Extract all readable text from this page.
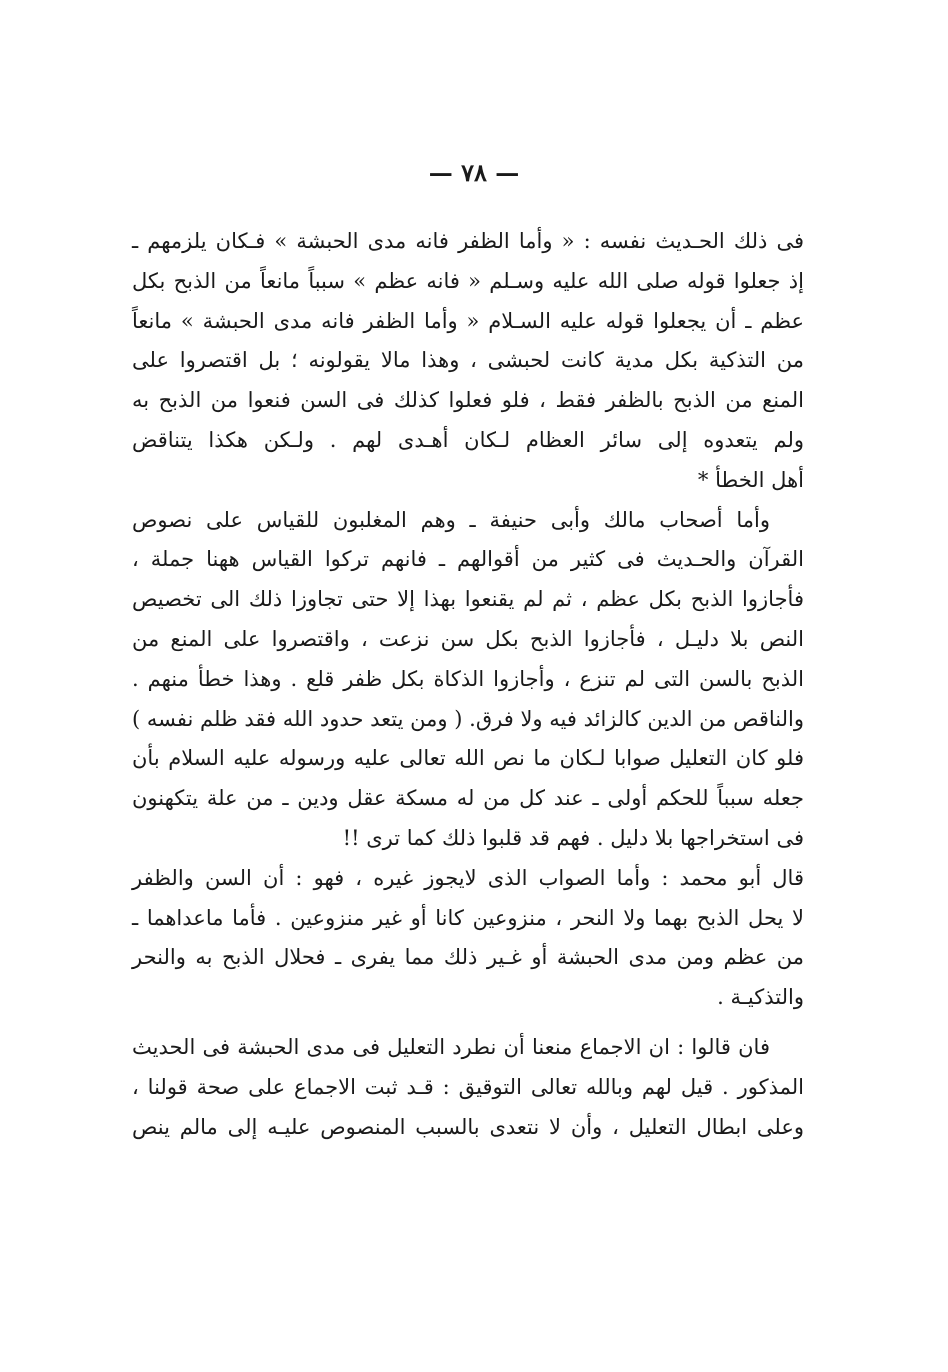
— ٧٨ —
فى ذلك الحـديث نفسه : « وأما الظفر فانه مدى الحبشة » فـكان يلزمهم ـ
إذ جعلوا قوله صلى الله عليه وسـلم « فانه عظم » سبباً مانعاً من الذبح بكل
عظم ـ أن يجعلوا قوله عليه السـلام « وأما الظفر فانه مدى الحبشة » مانعاً
من التذكية بكل مدية كانت لحبشى ، وهذا مالا يقولونه ؛ بل اقتصروا على
المنع من الذبح بالظفر فقط ، فلو فعلوا كذلك فى السن فنعوا من الذبح به
ولم يتعدوه إلى سائر العظام لـكان أهـدى لهم . ولـكن هكذا يتناقض
أهل الخطأ *
وأما أصحاب مالك وأبى حنيفة ـ وهم المغلبون للقياس على نصوص
القرآن والحـديث فى كثير من أقوالهم ـ فانهم تركوا القياس ههنا جملة ،
فأجازوا الذبح بكل عظم ، ثم لم يقنعوا بهذا إلا حتى تجاوزا ذلك الى تخصيص
النص بلا دليـل ، فأجازوا الذبح بكل سن نزعت ، واقتصروا على المنع من
الذبح بالسن التى لم تنزع ، وأجازوا الذكاة بكل ظفر قلع . وهذا خطأ منهم .
والناقص من الدين كالزائد فيه ولا فرق. ( ومن يتعد حدود الله فقد ظلم نفسه )
فلو كان التعليل صوابا لـكان ما نص الله تعالى عليه ورسوله عليه السلام بأن
جعله سبباً للحكم أولى ـ عند كل من له مسكة عقل ودين ـ من علة يتكهنون
فى استخراجها بلا دليل . فهم قد قلبوا ذلك كما ترى !!
قال أبو محمد : وأما الصواب الذى لايجوز غيره ، فهو : أن السن والظفر
لا يحل الذبح بهما ولا النحر ، منزوعين كانا أو غير منزوعين . فأما ماعداهما ـ
من عظم ومن مدى الحبشة أو غـير ذلك مما يفرى ـ فحلال الذبح به والنحر
والتذكيـة .
فان قالوا : ان الاجماع منعنا أن نطرد التعليل فى مدى الحبشة فى الحديث
المذكور . قيل لهم وبالله تعالى التوقيق : قـد ثبت الاجماع على صحة قولنا ،
وعلى ابطال التعليل ، وأن لا نتعدى بالسبب المنصوص عليـه إلى مالم ينص
